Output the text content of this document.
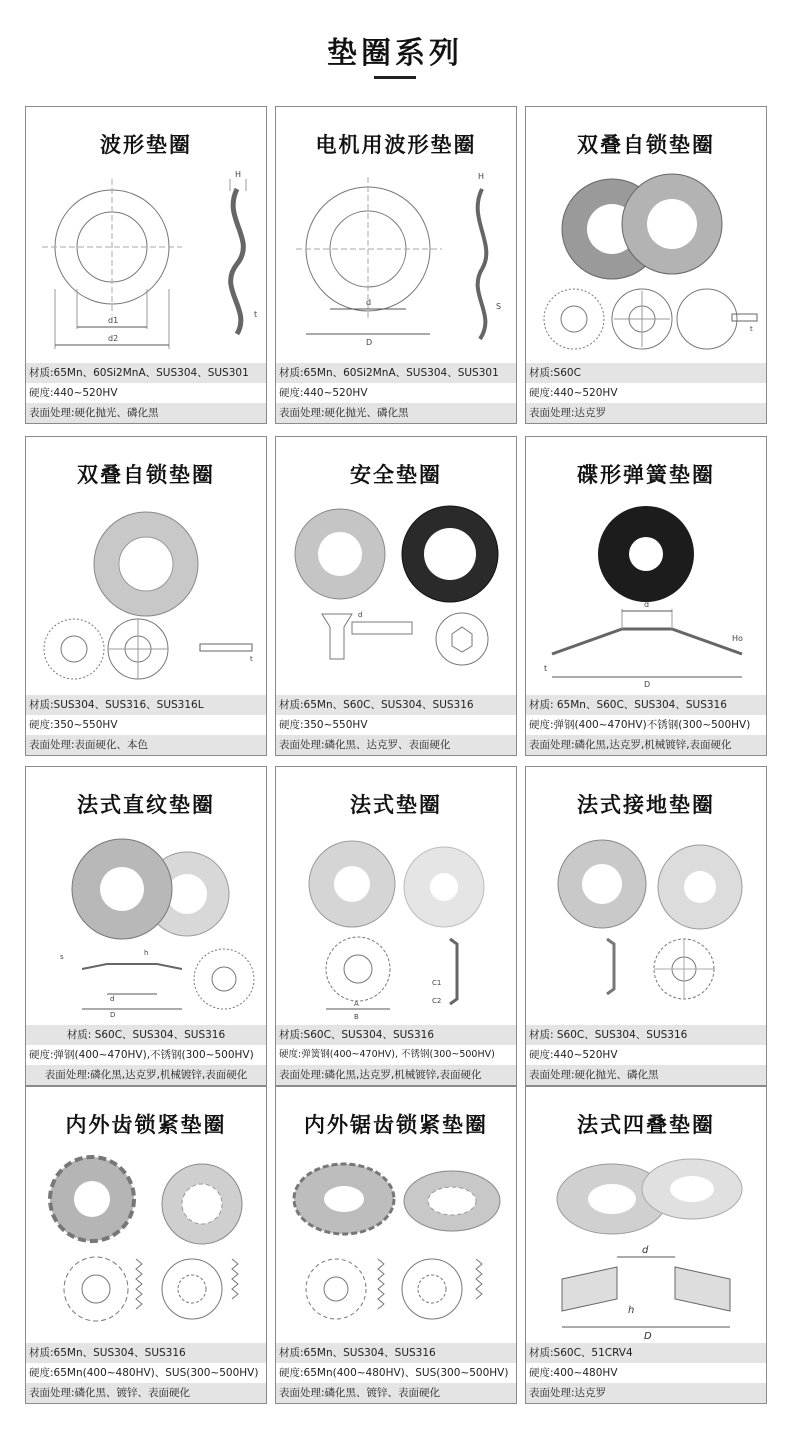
垫圈系列
波形垫圈
d1
d2
H
t
材质:65Mn、60Si2MnA、SUS304、SUS301
硬度:440~520HV
表面处理:硬化抛光、磷化黑
电机用波形垫圈
d
D
H
S
材质:65Mn、60Si2MnA、SUS304、SUS301
硬度:440~520HV
表面处理:硬化抛光、磷化黑
双叠自锁垫圈
t
材质:S60C
硬度:440~520HV
表面处理:达克罗
双叠自锁垫圈
t
材质:SUS304、SUS316、SUS316L
硬度:350~550HV
表面处理:表面硬化、本色
安全垫圈
d
材质:65Mn、S60C、SUS304、SUS316
硬度:350~550HV
表面处理:磷化黑、达克罗、表面硬化
碟形弹簧垫圈
d
Ho
t
D
材质: 65Mn、S60C、SUS304、SUS316
硬度:弹钢(400~470HV)不锈钢(300~500HV)
表面处理:磷化黑,达克罗,机械镀锌,表面硬化
法式直纹垫圈
s	h
d
D
材质: S60C、SUS304、SUS316
硬度:弹钢(400~470HV),不锈钢(300~500HV)
表面处理:磷化黑,达克罗,机械镀锌,表面硬化
法式垫圈
A
B
C1
C2
材质:S60C、SUS304、SUS316
硬度:弹簧钢(400~470HV), 不锈钢(300~500HV)
表面处理:磷化黑,达克罗,机械镀锌,表面硬化
法式接地垫圈
材质: S60C、SUS304、SUS316
硬度:440~520HV
表面处理:硬化抛光、磷化黑
内外齿锁紧垫圈
材质:65Mn、SUS304、SUS316
硬度:65Mn(400~480HV)、SUS(300~500HV)
表面处理:磷化黑、镀锌、表面硬化
内外锯齿锁紧垫圈
材质:65Mn、SUS304、SUS316
硬度:65Mn(400~480HV)、SUS(300~500HV)
表面处理:磷化黑、镀锌、表面硬化
法式四叠垫圈
d
h
D
材质:S60C、51CRV4
硬度:400~480HV
表面处理:达克罗
